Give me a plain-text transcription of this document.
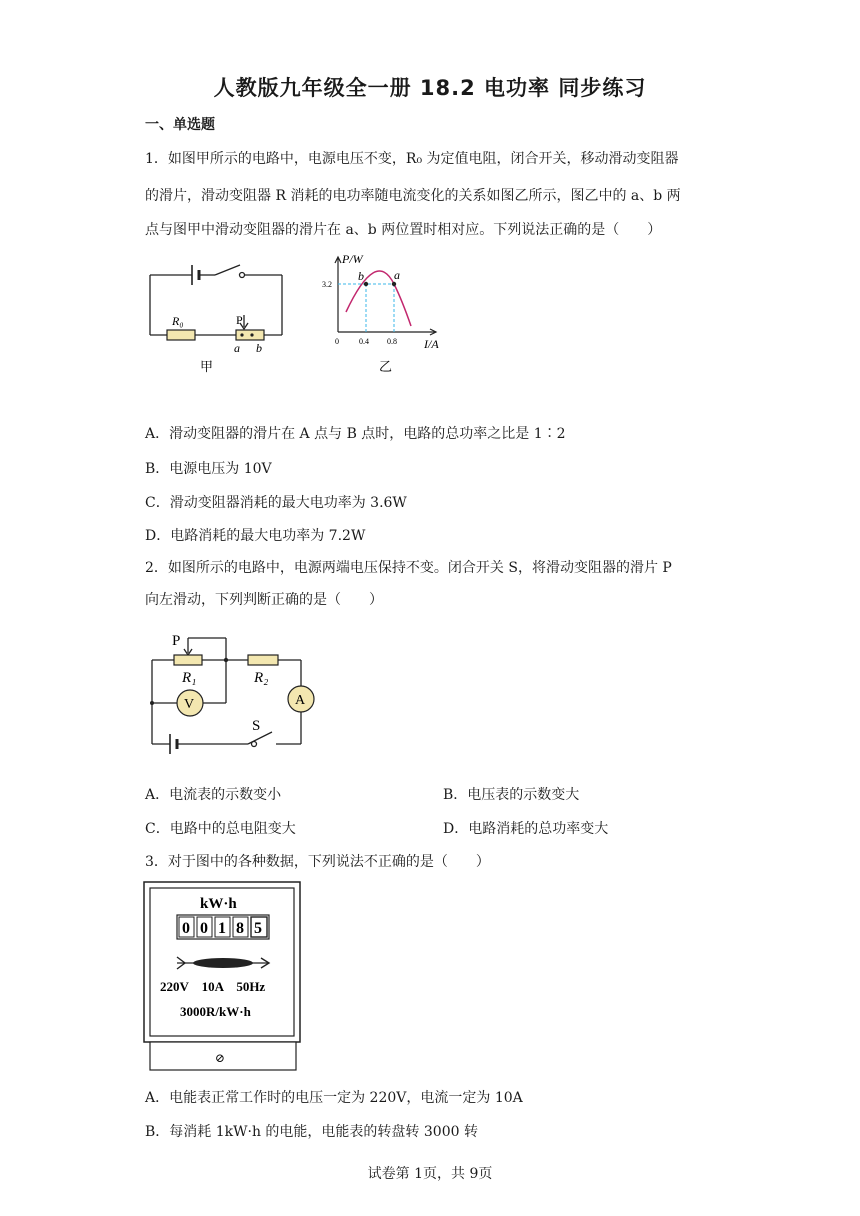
人教版九年级全一册 18.2 电功率 同步练习
一、单选题
1．如图甲所示的电路中，电源电压不变，R₀ 为定值电阻，闭合开关，移动滑动变阻器
的滑片，滑动变阻器 R 消耗的电功率随电流变化的关系如图乙所示，图乙中的 a、b 两
点与图甲中滑动变阻器的滑片在 a、b 两位置时相对应。下列说法正确的是（　　）
R₀	P
a b
甲
b	a
P/W
I/A
3.2
0	0.4 0.8
乙
A．滑动变阻器的滑片在 A 点与 B 点时，电路的总功率之比是 1∶2
B．电源电压为 10V
C．滑动变阻器消耗的最大电功率为 3.6W
D．电路消耗的最大电功率为 7.2W
2．如图所示的电路中，电源两端电压保持不变。闭合开关 S，将滑动变阻器的滑片 P
向左滑动，下列判断正确的是（　　）
V	A
P
R₁	R₂
S
A．电流表的示数变小	B．电压表的示数变大
C．电路中的总电阻变大	D．电路消耗的总功率变大
3．对于图中的各种数据，下列说法不正确的是（　　）
kW·h
0 0 1 8 5
220V　10A　50Hz
3000R/kW·h
⊘
A．电能表正常工作时的电压一定为 220V，电流一定为 10A
B．每消耗 1kW·h 的电能，电能表的转盘转 3000 转
试卷第 1页，共 9页
